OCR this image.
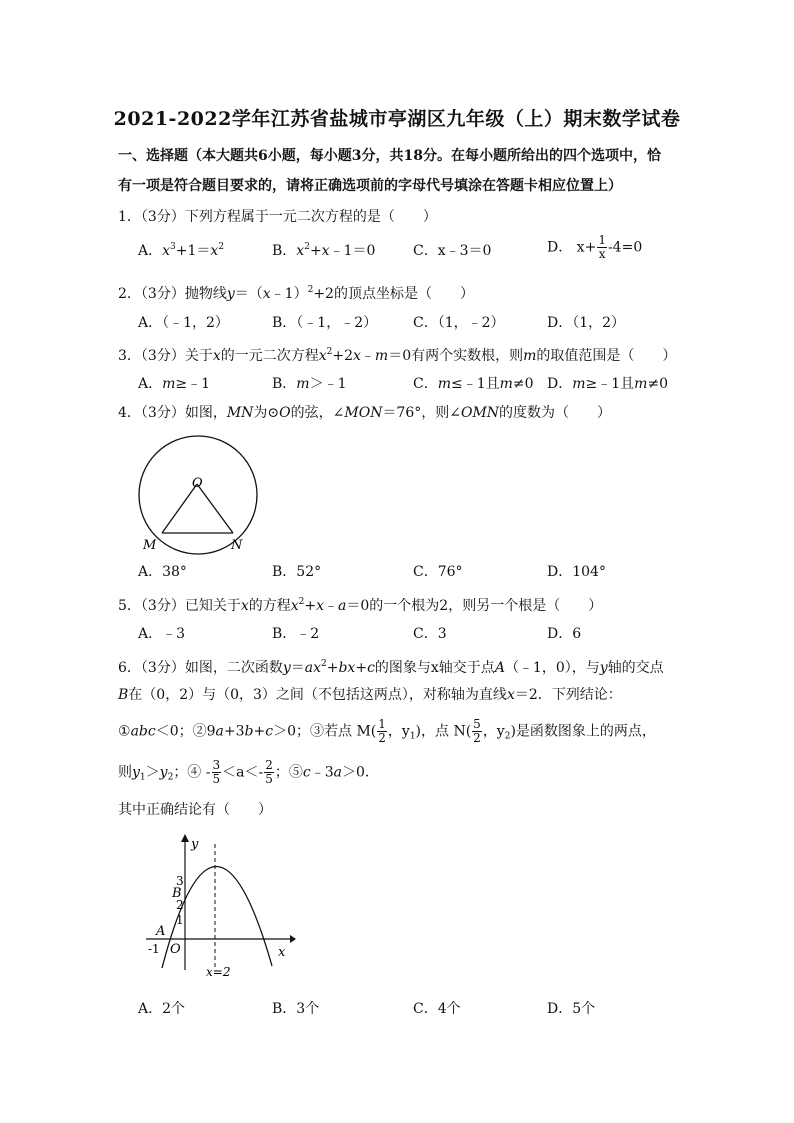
2021-2022学年江苏省盐城市亭湖区九年级（上）期末数学试卷
一、选择题（本大题共6小题，每小题3分，共18分。在每小题所给出的四个选项中，恰
有一项是符合题目要求的，请将正确选项前的字母代号填涂在答题卡相应位置上）
1．（3分）下列方程属于一元二次方程的是（　　）
A．$x^3+1=x^2$	B．$x^2+x﹣1=0$	C．x﹣3＝0	D． $x+ \frac{1}{x} -4=0$
2．（3分）抛物线y＝（x﹣1）$^2$+2的顶点坐标是（　　）
A．（﹣1，2）	B．（﹣1，﹣2）	C．（1，﹣2）	D．（1，2）
3．（3分）关于x的一元二次方程$x^2+2x﹣m=0$有两个实数根，则m的取值范围是（　　）
A．m≥﹣1	B．m＞﹣1	C．m≤﹣1且m≠0 D．m≥﹣1且m≠0
4．（3分）如图，MN为⊙O的弦，∠MON＝76°，则∠OMN的度数为（　　）
O
M	N
A．38°	B．52°	C．76°	D．104°
5．（3分）已知关于x的方程$x^2+x﹣a=0$的一个根为2，则另一个根是（　　）
A．﹣3	B．﹣2	C．3	D．6
6．（3分）如图，二次函数$y=ax^2+bx+c$的图象与x轴交于点A（﹣1，0），与y轴的交点
B在（0，2）与（0，3）之间（不包括这两点），对称轴为直线x＝2．下列结论：
①abc＜0；②9a+3b+c＞0；③若点 $M( \frac{1}{2}$ ，$y_1$)，点 $N( \frac{5}{2}$ ，$y_2$)是函数图象上的两点，
则$y_1>y_2$；④ - $\frac{3}{5} <a<- \frac{2}{5}$ ；⑤c﹣3a＞0．
其中正确结论有（　　）
y
x
O
A
B
-1
1
2
3
x=2
A．2个	B．3个	C．4个	D．5个
